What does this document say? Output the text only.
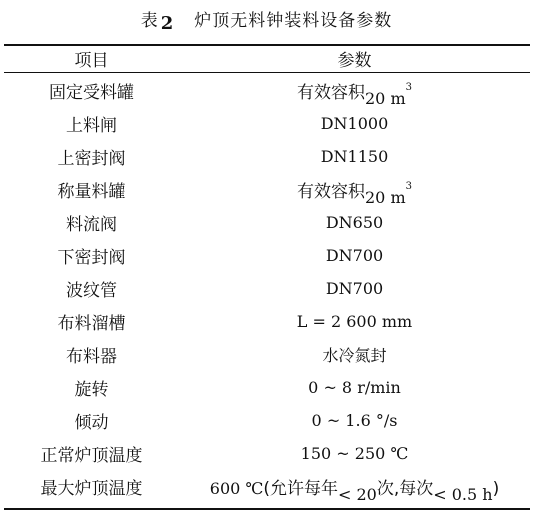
表 2 炉顶无料钟装料设备参数
项目	参数
固定受料罐	有效容积20 $m^3$
上料闸	DN1000
上密封阀	DN1150
称量料罐	有效容积20 $m^3$
料流阀	DN650
下密封阀	DN700
波纹管	DN700
布料溜槽	L = 2 600 mm
布料器	水冷氮封
旋转	0 ~ 8 r/min
倾动	0 ~ 1.6 °/s
正常炉顶温度	150 ~ 250 ℃
最大炉顶温度	600 ℃(允许每年< 20次,每次< 0.5 h)
